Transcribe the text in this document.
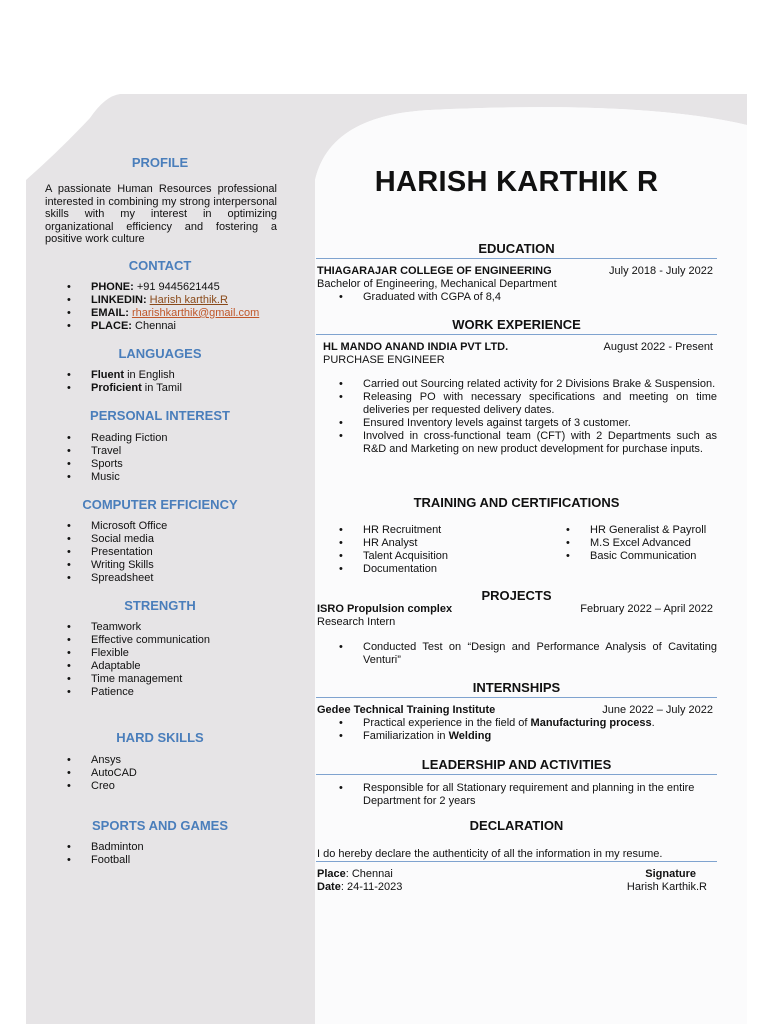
PROFILE
A passionate Human Resources professional interested in combining my strong interpersonal skills with my interest in optimizing organizational efficiency and fostering a positive work culture
CONTACT
• PHONE: +91 9445621445
• LINKEDIN: Harish karthik.R
• EMAIL: rharishkarthik@gmail.com
• PLACE: Chennai
LANGUAGES
• Fluent in English
• Proficient in Tamil
PERSONAL INTEREST
• Reading Fiction
• Travel
• Sports
• Music
COMPUTER EFFICIENCY
• Microsoft Office
• Social media
• Presentation
• Writing Skills
• Spreadsheet
STRENGTH
• Teamwork
• Effective communication
• Flexible
• Adaptable
• Time management
• Patience
HARD SKILLS
• Ansys
• AutoCAD
• Creo
SPORTS AND GAMES
• Badminton
• Football
HARISH KARTHIK R
EDUCATION
THIAGARAJAR COLLEGE OF ENGINEERING	July 2018 - July 2022
Bachelor of Engineering, Mechanical Department
• Graduated with CGPA of 8,4
WORK EXPERIENCE
HL MANDO ANAND INDIA PVT LTD.	August 2022 - Present
PURCHASE ENGINEER
• Carried out Sourcing related activity for 2 Divisions Brake & Suspension.
• Releasing PO with necessary specifications and meeting on time deliveries per requested delivery dates.
• Ensured Inventory levels against targets of 3 customer.
• Involved in cross-functional team (CFT) with 2 Departments such as R&D and Marketing on new product development for purchase inputs.
TRAINING AND CERTIFICATIONS
• HR Recruitment
• HR Analyst
• Talent Acquisition
• Documentation
• HR Generalist & Payroll
• M.S Excel Advanced
• Basic Communication
PROJECTS
ISRO Propulsion complex	February 2022 – April 2022
Research Intern
• Conducted Test on “Design and Performance Analysis of Cavitating Venturi”
INTERNSHIPS
Gedee Technical Training Institute	June 2022 – July 2022
• Practical experience in the field of Manufacturing process.
• Familiarization in Welding
LEADERSHIP AND ACTIVITIES
• Responsible for all Stationary requirement and planning in the entire Department for 2 years
DECLARATION
I do hereby declare the authenticity of all the information in my resume.
Place: Chennai	Signature
Date: 24-11-2023	Harish Karthik.R
